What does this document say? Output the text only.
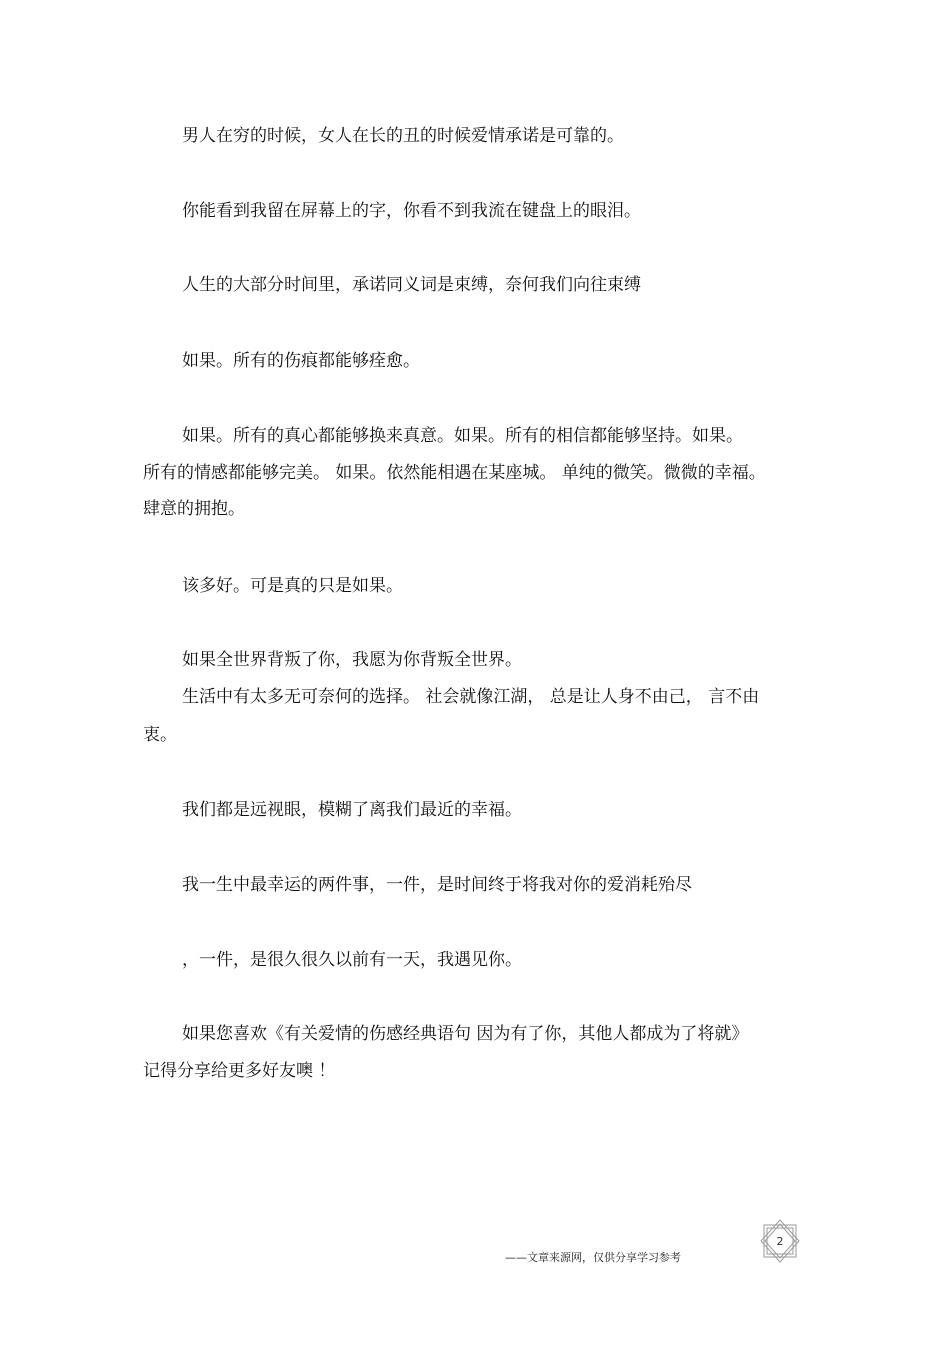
男人在穷的时候，女人在长的丑的时候爱情承诺是可靠的。
你能看到我留在屏幕上的字，你看不到我流在键盘上的眼泪。
人生的大部分时间里，承诺同义词是束缚，奈何我们向往束缚
如果。所有的伤痕都能够痊愈。
如果。所有的真心都能够换来真意。如果。所有的相信都能够坚持。如果。
所有的情感都能够完美。 如果。依然能相遇在某座城。 单纯的微笑。微微的幸福。
肆意的拥抱。
该多好。可是真的只是如果。
如果全世界背叛了你，我愿为你背叛全世界。
生活中有太多无可奈何的选择。 社会就像江湖， 总是让人身不由己， 言不由
衷。
我们都是远视眼，模糊了离我们最近的幸福。
我一生中最幸运的两件事，一件，是时间终于将我对你的爱消耗殆尽
，一件，是很久很久以前有一天，我遇见你。
如果您喜欢《有关爱情的伤感经典语句 因为有了你，其他人都成为了将就》
记得分享给更多好友噢 ！
——文章来源网，仅供分享学习参考
2
